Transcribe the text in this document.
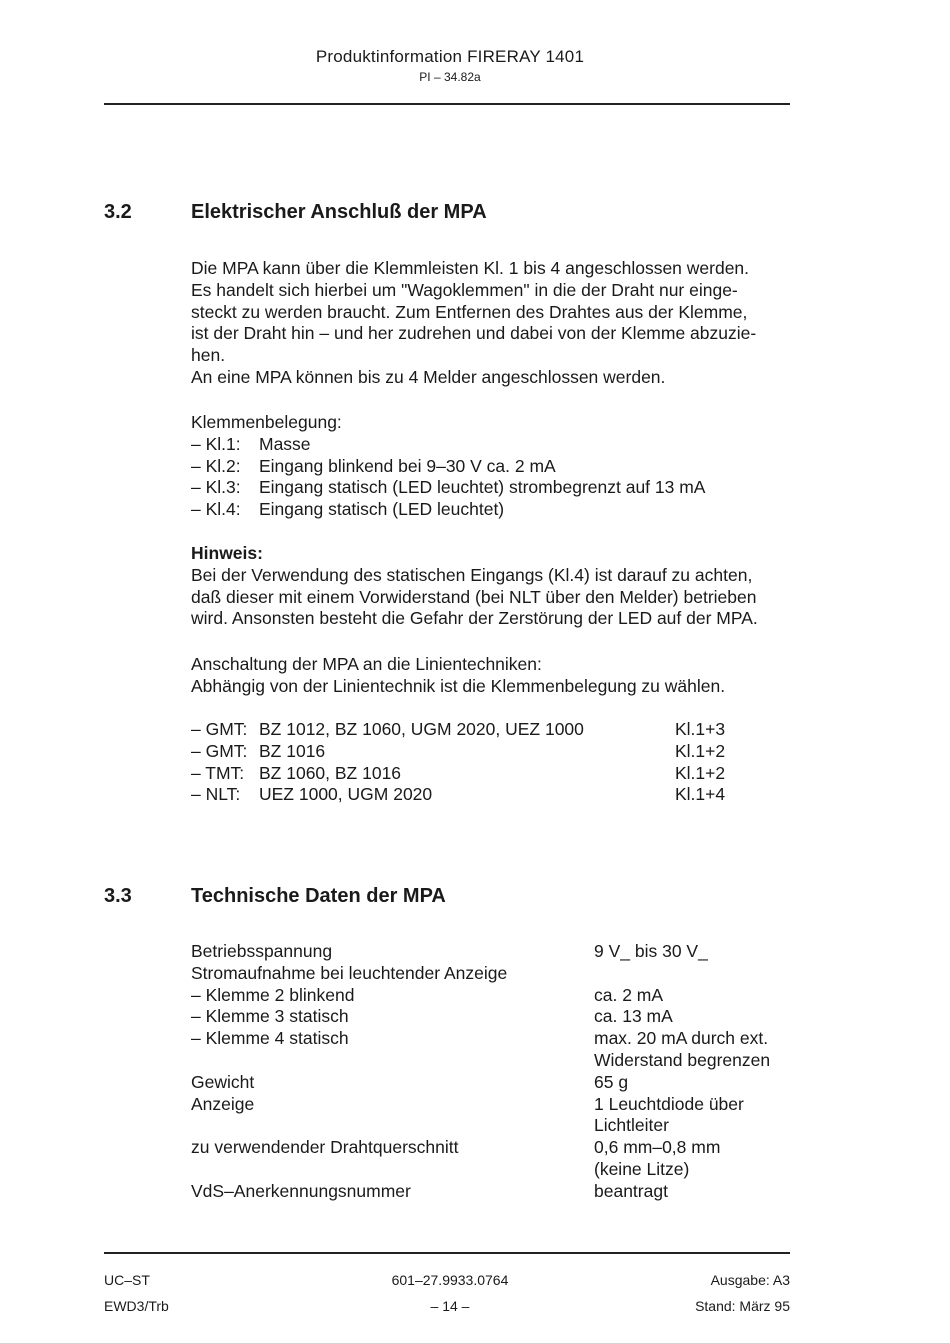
Produktinformation FIRERAY 1401
PI – 34.82a
3.2	Elektrischer Anschluß der MPA

Die MPA kann über die Klemmleisten Kl. 1 bis 4 angeschlossen werden.

Es handelt sich hierbei um "Wagoklemmen" in die der Draht nur einge-

steckt zu werden braucht. Zum Entfernen des Drahtes aus der Klemme,

ist der Draht hin – und her zudrehen und dabei von der Klemme abzuzie-

hen.

An eine MPA können bis zu 4 Melder angeschlossen werden.

Klemmenbelegung:

– Kl.1: Masse

– Kl.2: Eingang blinkend bei 9–30 V ca. 2 mA

– Kl.3: Eingang statisch (LED leuchtet) strombegrenzt auf 13 mA

– Kl.4: Eingang statisch (LED leuchtet)

Hinweis:

Bei der Verwendung des statischen Eingangs (Kl.4) ist darauf zu achten,

daß dieser mit einem Vorwiderstand (bei NLT über den Melder) betrieben

wird. Ansonsten besteht die Gefahr der Zerstörung der LED auf der MPA.

Anschaltung der MPA an die Linientechniken:

Abhängig von der Linientechnik ist die Klemmenbelegung zu wählen.

– GMT: BZ 1012, BZ 1060, UGM 2020, UEZ 1000

– GMT: BZ 1016

– TMT: BZ 1060, BZ 1016

– NLT: UEZ 1000, UGM 2020

Kl.1+3
Kl.1+2
Kl.1+2
Kl.1+4
3.3	Technische Daten der MPA

Betriebsspannung

Stromaufnahme bei leuchtender Anzeige

– Klemme 2 blinkend

– Klemme 3 statisch

– Klemme 4 statisch

Gewicht

Anzeige

zu verwendender Drahtquerschnitt

VdS–Anerkennungsnummer

9 V_ bis 30 V_
ca. 2 mA
ca. 13 mA
max. 20 mA durch ext.
Widerstand begrenzen
65 g
1 Leuchtdiode über
Lichtleiter
0,6 mm–0,8 mm
(keine Litze)
beantragt
UC–ST
EWD3/Trb
601–27.9933.0764
– 14 –
Ausgabe: A3
Stand: März 95
